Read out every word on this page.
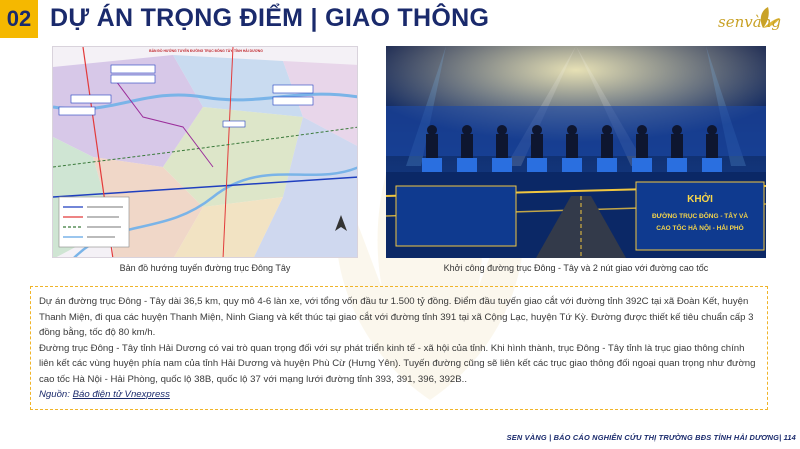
02 DỰ ÁN TRỌNG ĐIỂM | GIAO THÔNG	senvàng
BẢN ĐỒ HƯỚNG TUYẾN ĐƯỜNG TRỤC ĐÔNG TÂY, TỈNH HẢI DƯƠNG
Bản đồ hướng tuyến đường trục Đông Tây
KHỞI
ĐƯỜNG TRỤC ĐÔNG - TÂY VÀ
CAO TỐC HÀ NỘI - HẢI PHÒ
Khởi công đường trục Đông - Tây và 2 nút giao với đường cao tốc

Dự án đường trục Đông - Tây dài 36,5 km, quy mô 4-6 làn xe, với tổng vốn đầu tư 1.500 tỷ đồng. Điểm đầu tuyến giao cắt với đường tỉnh 392C tại xã Đoàn Kết, huyện Thanh Miện, đi qua các huyện Thanh Miện, Ninh Giang và kết thúc tại giao cắt với đường tỉnh 391 tại xã Cộng Lạc, huyện Tứ Kỳ. Đường được thiết kế tiêu chuẩn cấp 3 đồng bằng, tốc độ 80 km/h.

Đường trục Đông - Tây tỉnh Hải Dương có vai trò quan trọng đối với sự phát triển kinh tế - xã hội của tỉnh. Khi hình thành, trục Đông - Tây tỉnh là trục giao thông chính liên kết các vùng huyện phía nam của tỉnh Hải Dương và huyện Phù Cừ (Hưng Yên). Tuyến đường cũng sẽ liên kết các trục giao thông đối ngoại quan trọng như đường cao tốc Hà Nội - Hải Phòng, quốc lộ 38B, quốc lộ 37 với mạng lưới đường tỉnh 393, 391, 396, 392B..

Nguồn: Báo điện tử Vnexpress

SEN VÀNG | BÁO CÁO NGHIÊN CỨU THỊ TRƯỜNG BĐS TỈNH HẢI DƯƠNG| 114
